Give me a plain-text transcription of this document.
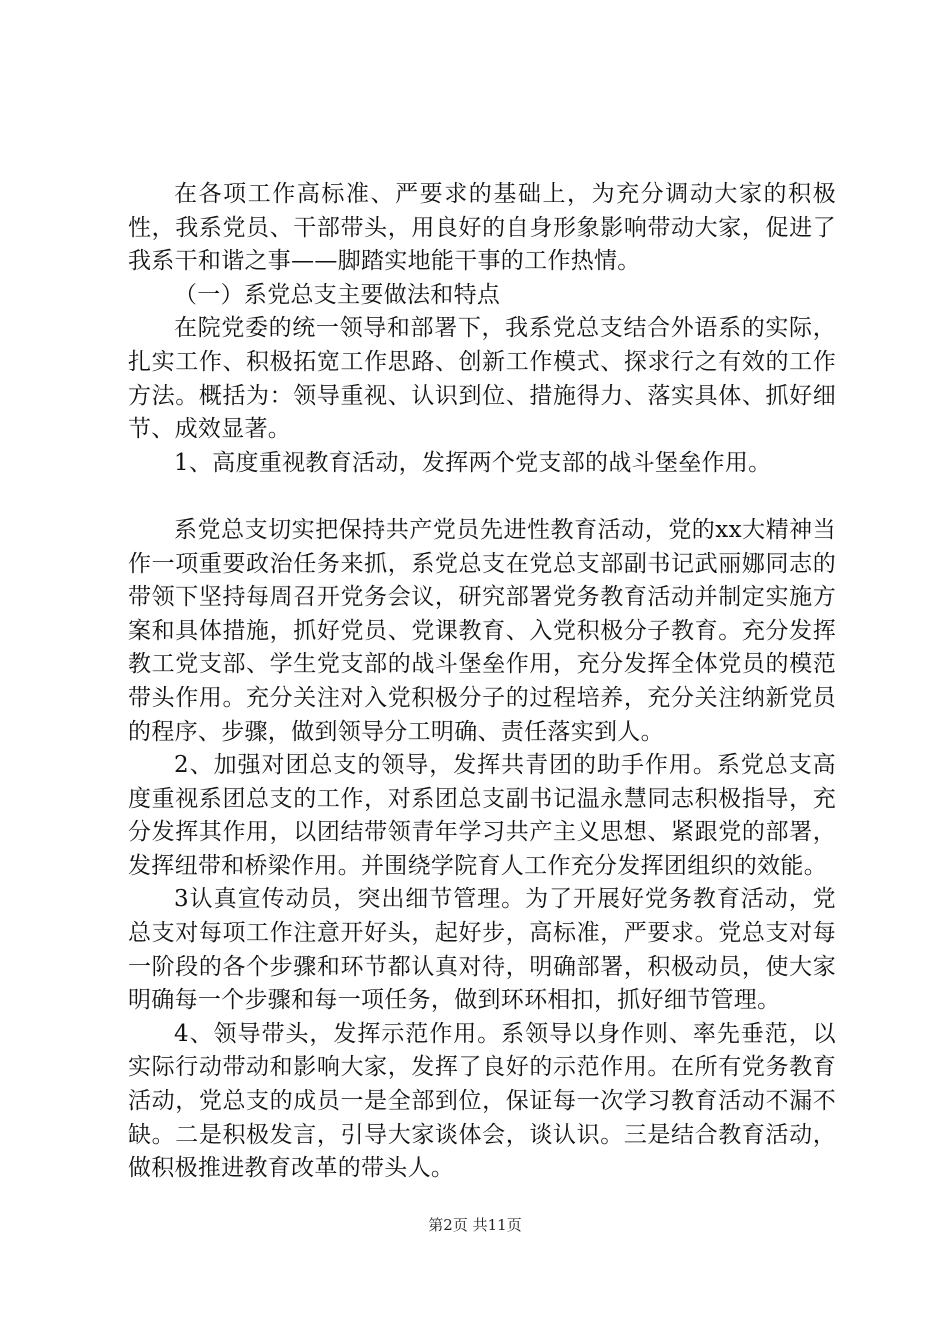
在各项工作高标准、严要求的基础上，为充分调动大家的积极性，我系党员、干部带头，用良好的自身形象影响带动大家，促进了我系干和谐之事——脚踏实地能干事的工作热情。

（一）系党总支主要做法和特点

在院党委的统一领导和部署下，我系党总支结合外语系的实际，扎实工作、积极拓宽工作思路、创新工作模式、探求行之有效的工作方法。概括为：领导重视、认识到位、措施得力、落实具体、抓好细节、成效显著。

1、高度重视教育活动，发挥两个党支部的战斗堡垒作用。

系党总支切实把保持共产党员先进性教育活动，党的xx大精神当作一项重要政治任务来抓，系党总支在党总支部副书记武丽娜同志的带领下坚持每周召开党务会议，研究部署党务教育活动并制定实施方案和具体措施，抓好党员、党课教育、入党积极分子教育。充分发挥教工党支部、学生党支部的战斗堡垒作用，充分发挥全体党员的模范带头作用。充分关注对入党积极分子的过程培养，充分关注纳新党员的程序、步骤，做到领导分工明确、责任落实到人。

2、加强对团总支的领导，发挥共青团的助手作用。系党总支高度重视系团总支的工作，对系团总支副书记温永慧同志积极指导，充分发挥其作用，以团结带领青年学习共产主义思想、紧跟党的部署，发挥纽带和桥梁作用。并围绕学院育人工作充分发挥团组织的效能。

3认真宣传动员，突出细节管理。为了开展好党务教育活动，党总支对每项工作注意开好头，起好步，高标准，严要求。党总支对每一阶段的各个步骤和环节都认真对待，明确部署，积极动员，使大家明确每一个步骤和每一项任务，做到环环相扣，抓好细节管理。

4、领导带头，发挥示范作用。系领导以身作则、率先垂范，以实际行动带动和影响大家，发挥了良好的示范作用。在所有党务教育活动，党总支的成员一是全部到位，保证每一次学习教育活动不漏不缺。二是积极发言，引导大家谈体会，谈认识。三是结合教育活动，做积极推进教育改革的带头人。

第2页 共11页
